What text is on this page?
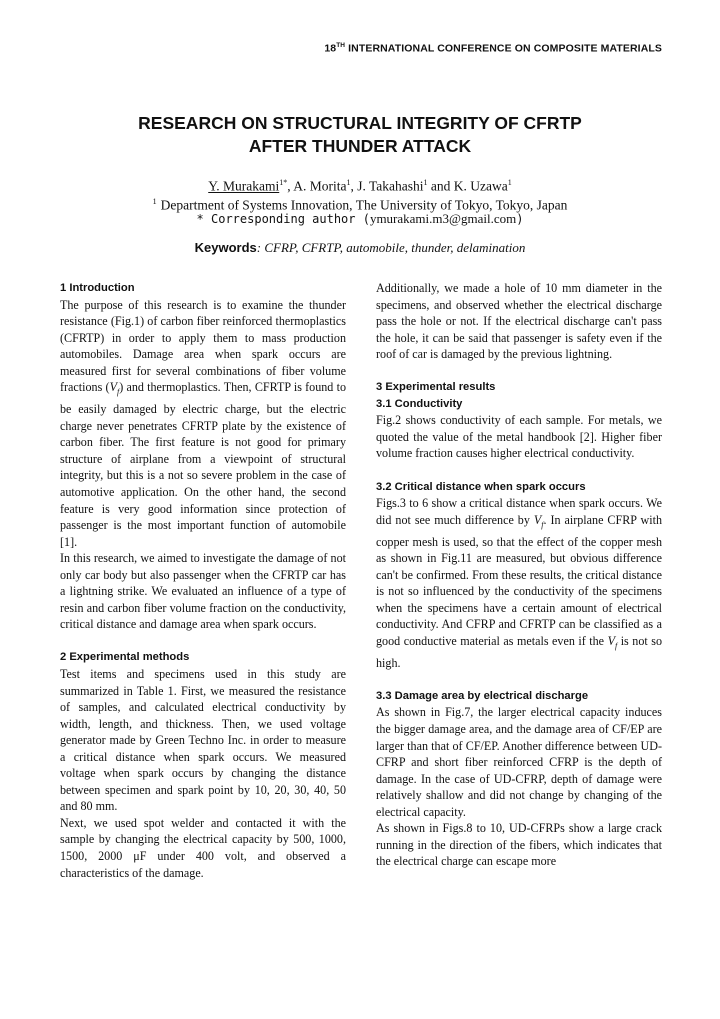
18TH INTERNATIONAL CONFERENCE ON COMPOSITE MATERIALS
RESEARCH ON STRUCTURAL INTEGRITY OF CFRTP
AFTER THUNDER ATTACK
Y. Murakami$^{1*}$, A. Morita$^1$, J. Takahashi$^1$ and K. Uzawa$^1$
$^1$ Department of Systems Innovation, The University of Tokyo, Tokyo, Japan
* Corresponding author (ymurakami.m3@gmail.com)
Keywords: CFRP, CFRTP, automobile, thunder, delamination
1 Introduction

The purpose of this research is to examine the thunder resistance (Fig.1) of carbon fiber reinforced thermoplastics (CFRTP) in order to apply them to mass production automobiles. Damage area when spark occurs are measured first for several combinations of fiber volume fractions $(V_f)$ and thermoplastics. Then, CFRTP is found to be easily damaged by electric charge, but the electric charge never penetrates CFRTP plate by the existence of carbon fiber. The first feature is not good for primary structure of airplane from a viewpoint of structural integrity, but this is a not so severe problem in the case of automotive application. On the other hand, the second feature is very good information since protection of passenger is the most important function of automobile [1].

In this research, we aimed to investigate the damage of not only car body but also passenger when the CFRTP car has a lightning strike. We evaluated an influence of a type of resin and carbon fiber volume fraction on the conductivity, critical distance and damage area when spark occurs.

2 Experimental methods

Test items and specimens used in this study are summarized in Table 1. First, we measured the resistance of samples, and calculated electrical conductivity by width, length, and thickness. Then, we used voltage generator made by Green Techno Inc. in order to measure a critical distance when spark occurs. We measured voltage when spark occurs by changing the distance between specimen and spark point by 10, 20, 30, 40, 50 and 80 mm.

Next, we used spot welder and contacted it with the sample by changing the electrical capacity by 500, 1000, 1500, 2000 μF under 400 volt, and observed a characteristics of the damage.

Additionally, we made a hole of 10 mm diameter in the specimens, and observed whether the electrical discharge pass the hole or not. If the electrical discharge can't pass the hole, it can be said that passenger is safety even if the roof of car is damaged by the previous lightning.

3 Experimental results
3.1 Conductivity

Fig.2 shows conductivity of each sample. For metals, we quoted the value of the metal handbook [2]. Higher fiber volume fraction causes higher electrical conductivity.

3.2 Critical distance when spark occurs

Figs.3 to 6 show a critical distance when spark occurs. We did not see much difference by $V_f$. In airplane CFRP with copper mesh is used, so that the effect of the copper mesh as shown in Fig.11 are measured, but obvious difference can't be confirmed. From these results, the critical distance is not so influenced by the conductivity of the specimens when the specimens have a certain amount of electrical conductivity. And CFRP and CFRTP can be classified as a good conductive material as metals even if the $V_f$ is not so high.

3.3 Damage area by electrical discharge

As shown in Fig.7, the larger electrical capacity induces the bigger damage area, and the damage area of CF/EP are larger than that of CF/EP. Another difference between UD-CFRP and short fiber reinforced CFRP is the depth of damage. In the case of UD-CFRP, depth of damage were relatively shallow and did not change by changing of the electrical capacity.

As shown in Figs.8 to 10, UD-CFRPs show a large crack running in the direction of the fibers, which indicates that the electrical charge can escape more
